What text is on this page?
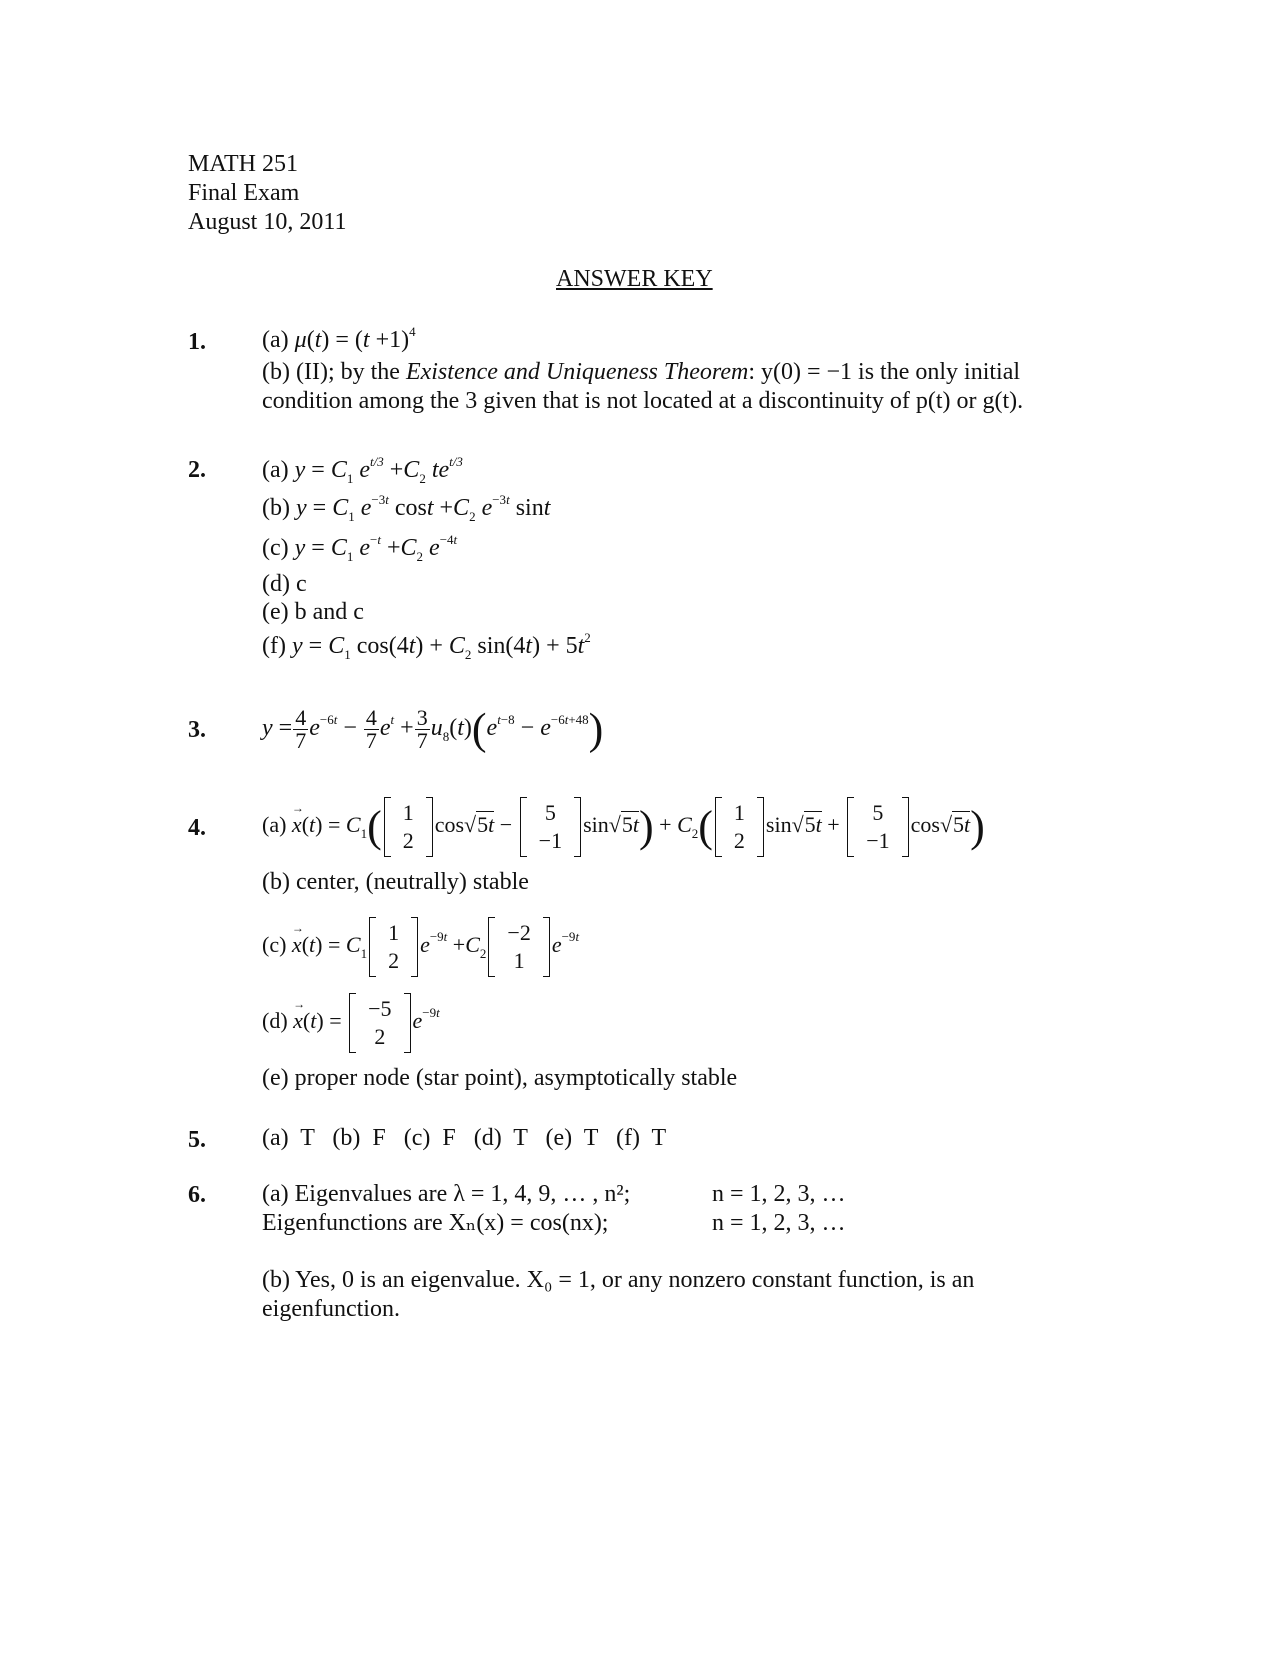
MATH 251
Final Exam
August 10, 2011
ANSWER KEY
1. (a) $\mu(t) = (t +1)^4$
(b) (II); by the Existence and Uniqueness Theorem: y(0) = −1 is the only initial
condition among the 3 given that is not located at a discontinuity of p(t) or g(t).
2. (a) $y = C_1$ $e^{t/3} +C_2$ $te^{t/3}$
(b) $y = C_1$ $e^{-3t}$ $\cos t +C_2$ $e^{-3t}$ sint
(c) $y = C_1$ $e^{-t} +C_2$ $e^{-4t}$
(d) c
(e) b and c
(f) $y = C_1$ $\cos(4t) + C_2$ $\sin(4t) + 5t^2$
3. $y = \frac{4}{7} e^{-6t} - \frac{4}{7} e^t + \frac{3}{7} u_8(t)(e^{t-8} - e^{-6t+48})$
4.	$(a) \to x(t) = C_1$( 1
2
cos√5t − 5
−1
$\sin√5t) + C_2$( 1
2
sin√5t + 5
−1
cos√5t)
(b) center, (neutrally) stable
$(c) \to x(t) = C_1$
1
2
$e^{-9t} +C_2$
−2
1
$e^{-9t}$
(d) → x(t) = −5
2
$e^{-9t}$
(e) proper node (star point), asymptotically stable
5. (a)  T   (b)  F   (c)  F   (d)  T   (e)  T   (f)  T
6. (a) Eigenvalues are λ = 1, 4, 9, … , n²;	n = 1, 2, 3, …
Eigenfunctions are Xₙ(x) = cos(nx);	n = 1, 2, 3, …
(b) Yes, 0 is an eigenvalue. X₀ = 1, or any nonzero constant function, is an
eigenfunction.
